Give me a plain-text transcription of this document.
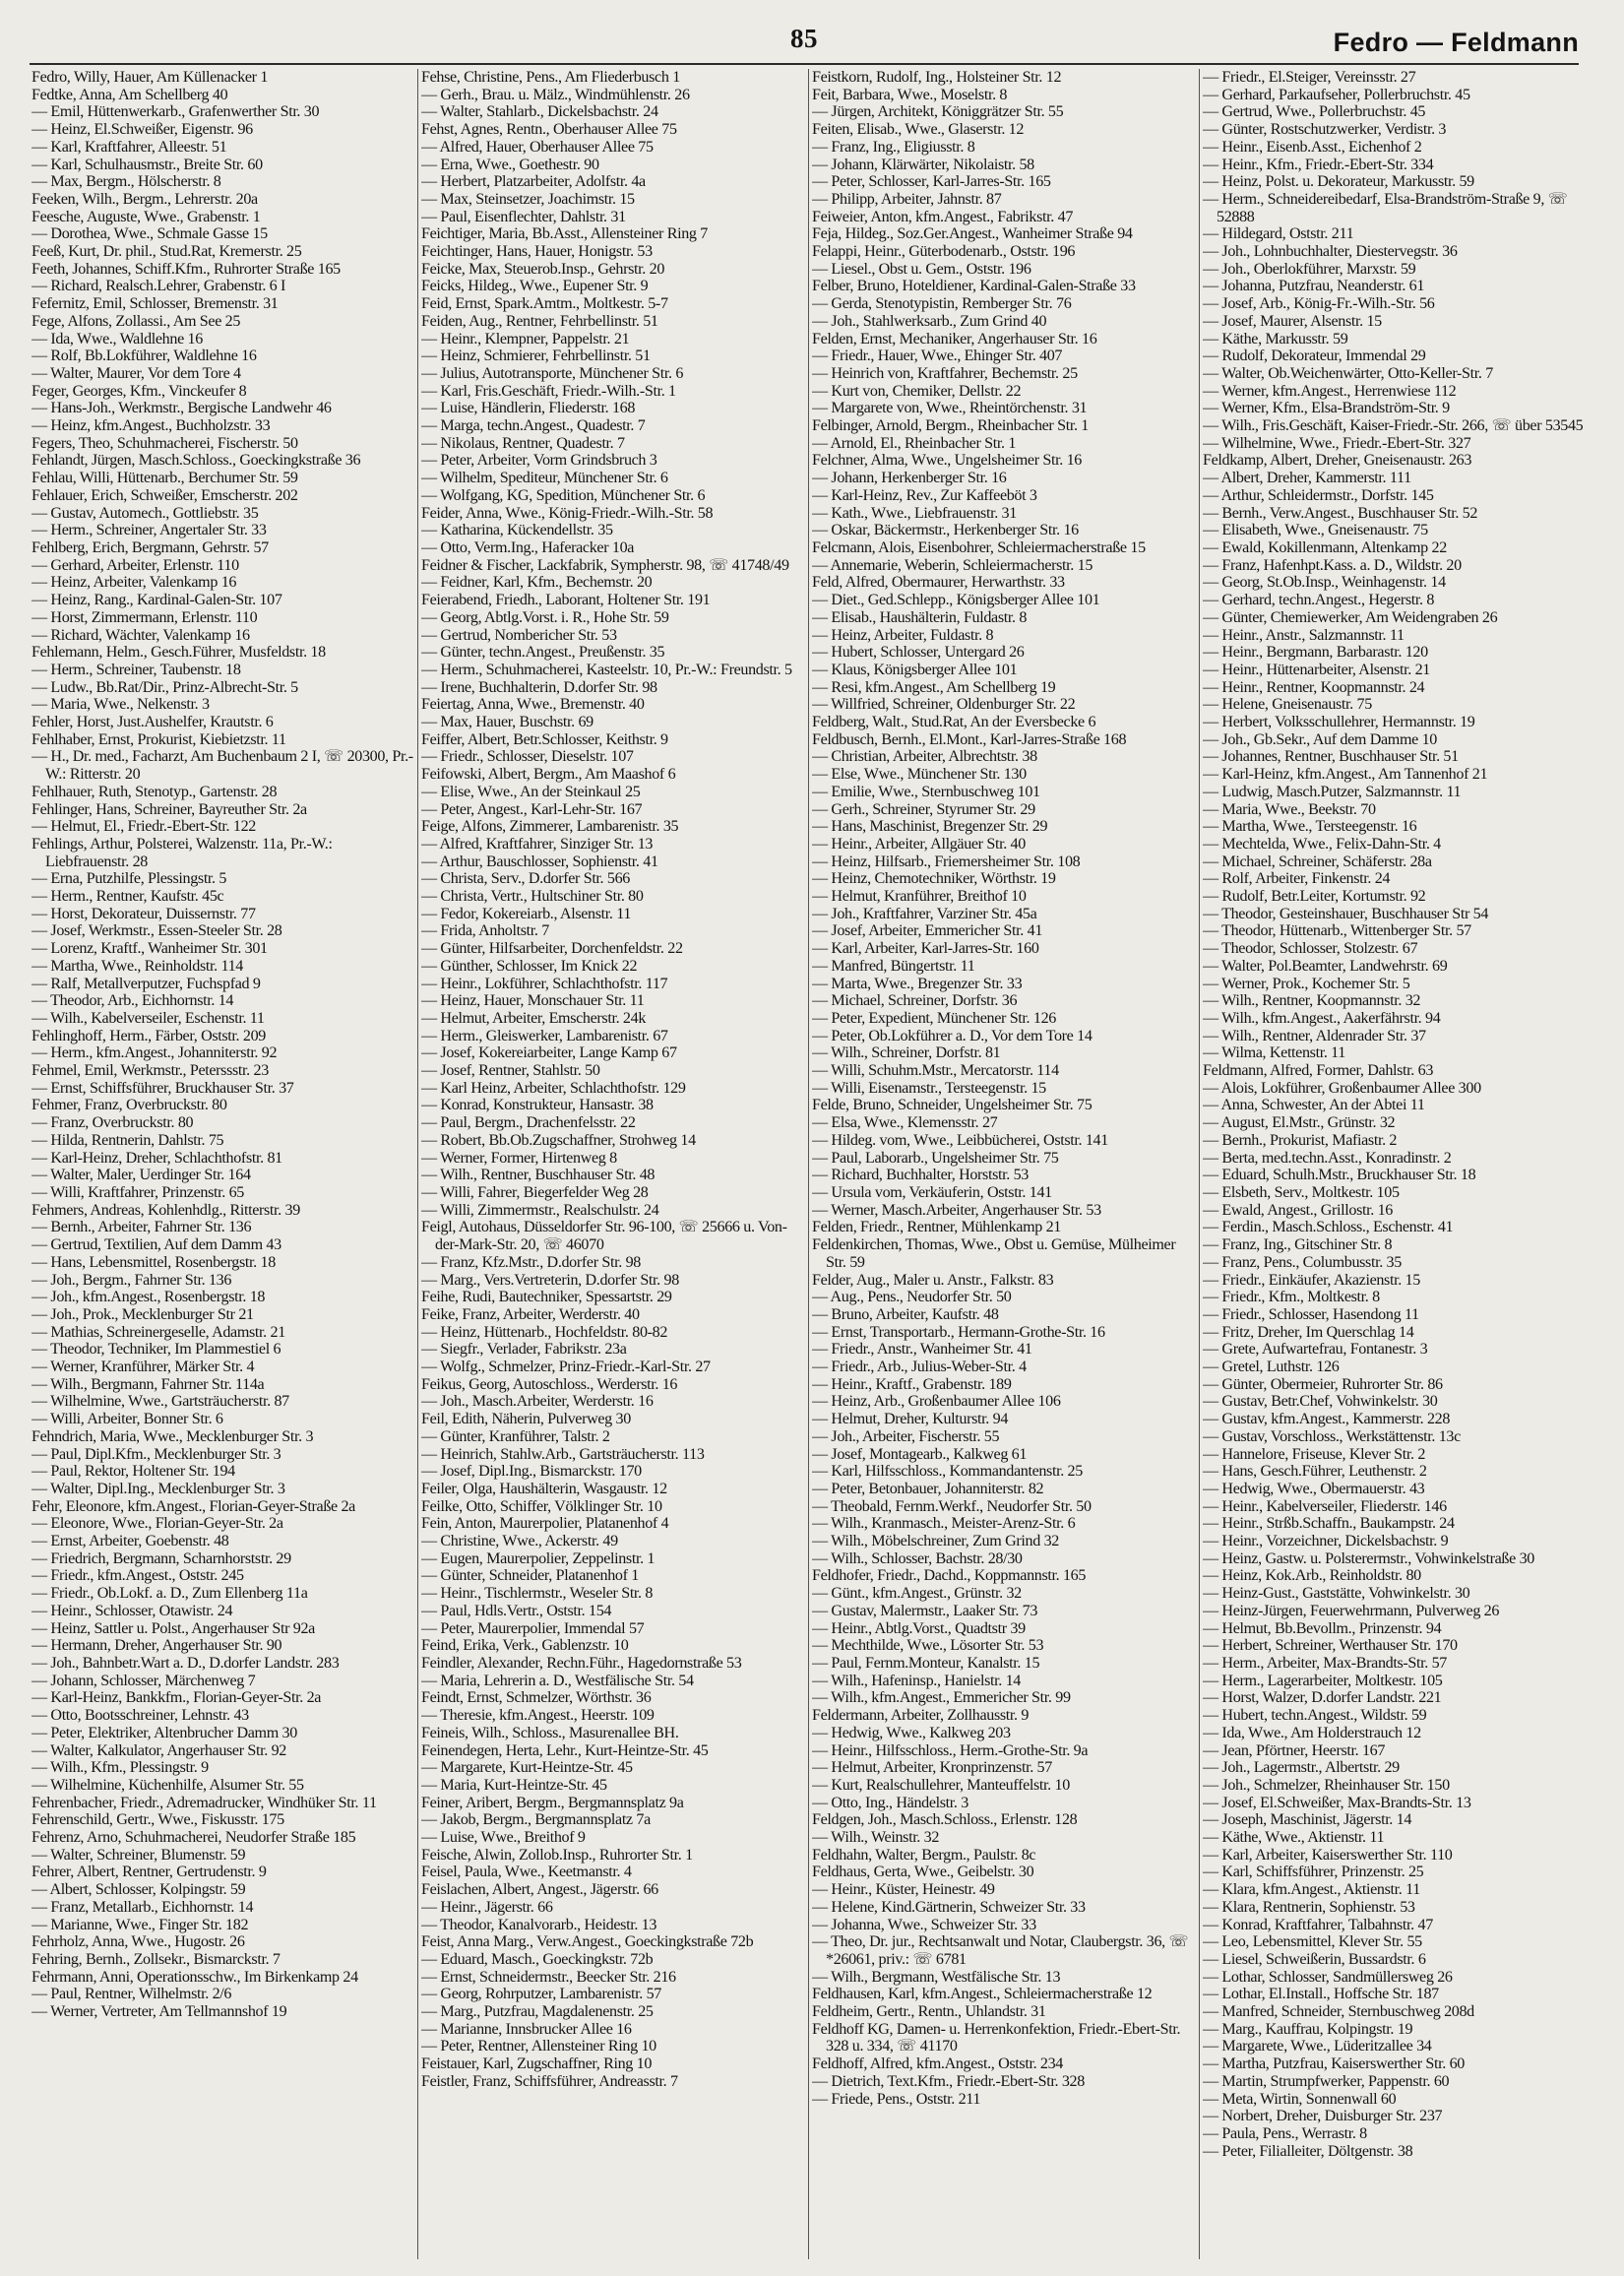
85	Fedro — Feldmann

Fedro, Willy, Hauer, Am Küllenacker 1

Fedtke, Anna, Am Schellberg 40

— Emil, Hüttenwerkarb., Grafenwerther Str. 30

— Heinz, El.Schweißer, Eigenstr. 96

— Karl, Kraftfahrer, Alleestr. 51

— Karl, Schulhausmstr., Breite Str. 60

— Max, Bergm., Hölscherstr. 8

Feeken, Wilh., Bergm., Lehrerstr. 20a

Feesche, Auguste, Wwe., Grabenstr. 1

— Dorothea, Wwe., Schmale Gasse 15

Feeß, Kurt, Dr. phil., Stud.Rat, Kremerstr. 25

Feeth, Johannes, Schiff.Kfm., Ruhrorter Straße 165

— Richard, Realsch.Lehrer, Grabenstr. 6 I

Fefernitz, Emil, Schlosser, Bremenstr. 31

Fege, Alfons, Zollassi., Am See 25

— Ida, Wwe., Waldlehne 16

— Rolf, Bb.Lokführer, Waldlehne 16

— Walter, Maurer, Vor dem Tore 4

Feger, Georges, Kfm., Vinckeufer 8

— Hans-Joh., Werkmstr., Bergische Landwehr 46

— Heinz, kfm.Angest., Buchholzstr. 33

Fegers, Theo, Schuhmacherei, Fischerstr. 50

Fehlandt, Jürgen, Masch.Schloss., Goeckingkstraße 36

Fehlau, Willi, Hüttenarb., Berchumer Str. 59

Fehlauer, Erich, Schweißer, Emscherstr. 202

— Gustav, Automech., Gottliebstr. 35

— Herm., Schreiner, Angertaler Str. 33

Fehlberg, Erich, Bergmann, Gehrstr. 57

— Gerhard, Arbeiter, Erlenstr. 110

— Heinz, Arbeiter, Valenkamp 16

— Heinz, Rang., Kardinal-Galen-Str. 107

— Horst, Zimmermann, Erlenstr. 110

— Richard, Wächter, Valenkamp 16

Fehlemann, Helm., Gesch.Führer, Musfeldstr. 18

— Herm., Schreiner, Taubenstr. 18

— Ludw., Bb.Rat/Dir., Prinz-Albrecht-Str. 5

— Maria, Wwe., Nelkenstr. 3

Fehler, Horst, Just.Aushelfer, Krautstr. 6

Fehlhaber, Ernst, Prokurist, Kiebietzstr. 11

— H., Dr. med., Facharzt, Am Buchenbaum 2 I, ☏ 20300, Pr.-W.: Ritterstr. 20

Fehlhauer, Ruth, Stenotyp., Gartenstr. 28

Fehlinger, Hans, Schreiner, Bayreuther Str. 2a

— Helmut, El., Friedr.-Ebert-Str. 122

Fehlings, Arthur, Polsterei, Walzenstr. 11a, Pr.-W.: Liebfrauenstr. 28

— Erna, Putzhilfe, Plessingstr. 5

— Herm., Rentner, Kaufstr. 45c

— Horst, Dekorateur, Duissernstr. 77

— Josef, Werkmstr., Essen-Steeler Str. 28

— Lorenz, Kraftf., Wanheimer Str. 301

— Martha, Wwe., Reinholdstr. 114

— Ralf, Metallverputzer, Fuchspfad 9

— Theodor, Arb., Eichhornstr. 14

— Wilh., Kabelverseiler, Eschenstr. 11

Fehlinghoff, Herm., Färber, Oststr. 209

— Herm., kfm.Angest., Johanniterstr. 92

Fehmel, Emil, Werkmstr., Peterssstr. 23

— Ernst, Schiffsführer, Bruckhauser Str. 37

Fehmer, Franz, Overbruckstr. 80

— Franz, Overbruckstr. 80

— Hilda, Rentnerin, Dahlstr. 75

— Karl-Heinz, Dreher, Schlachthofstr. 81

— Walter, Maler, Uerdinger Str. 164

— Willi, Kraftfahrer, Prinzenstr. 65

Fehmers, Andreas, Kohlenhdlg., Ritterstr. 39

— Bernh., Arbeiter, Fahrner Str. 136

— Gertrud, Textilien, Auf dem Damm 43

— Hans, Lebensmittel, Rosenbergstr. 18

— Joh., Bergm., Fahrner Str. 136

— Joh., kfm.Angest., Rosenbergstr. 18

— Joh., Prok., Mecklenburger Str 21

— Mathias, Schreinergeselle, Adamstr. 21

— Theodor, Techniker, Im Plammestiel 6

— Werner, Kranführer, Märker Str. 4

— Wilh., Bergmann, Fahrner Str. 114a

— Wilhelmine, Wwe., Gartsträucherstr. 87

— Willi, Arbeiter, Bonner Str. 6

Fehndrich, Maria, Wwe., Mecklenburger Str. 3

— Paul, Dipl.Kfm., Mecklenburger Str. 3

— Paul, Rektor, Holtener Str. 194

— Walter, Dipl.Ing., Mecklenburger Str. 3

Fehr, Eleonore, kfm.Angest., Florian-Geyer-Straße 2a

— Eleonore, Wwe., Florian-Geyer-Str. 2a

— Ernst, Arbeiter, Goebenstr. 48

— Friedrich, Bergmann, Scharnhorststr. 29

— Friedr., kfm.Angest., Oststr. 245

— Friedr., Ob.Lokf. a. D., Zum Ellenberg 11a

— Heinr., Schlosser, Otawistr. 24

— Heinz, Sattler u. Polst., Angerhauser Str 92a

— Hermann, Dreher, Angerhauser Str. 90

— Joh., Bahnbetr.Wart a. D., D.dorfer Landstr. 283

— Johann, Schlosser, Märchenweg 7

— Karl-Heinz, Bankkfm., Florian-Geyer-Str. 2a

— Otto, Bootsschreiner, Lehnstr. 43

— Peter, Elektriker, Altenbrucher Damm 30

— Walter, Kalkulator, Angerhauser Str. 92

— Wilh., Kfm., Plessingstr. 9

— Wilhelmine, Küchenhilfe, Alsumer Str. 55

Fehrenbacher, Friedr., Adremadrucker, Windhüker Str. 11

Fehrenschild, Gertr., Wwe., Fiskusstr. 175

Fehrenz, Arno, Schuhmacherei, Neudorfer Straße 185

— Walter, Schreiner, Blumenstr. 59

Fehrer, Albert, Rentner, Gertrudenstr. 9

— Albert, Schlosser, Kolpingstr. 59

— Franz, Metallarb., Eichhornstr. 14

— Marianne, Wwe., Finger Str. 182

Fehrholz, Anna, Wwe., Hugostr. 26

Fehring, Bernh., Zollsekr., Bismarckstr. 7

Fehrmann, Anni, Operationsschw., Im Birkenkamp 24

— Paul, Rentner, Wilhelmstr. 2/6

— Werner, Vertreter, Am Tellmannshof 19

Fehse, Christine, Pens., Am Fliederbusch 1

— Gerh., Brau. u. Mälz., Windmühlenstr. 26

— Walter, Stahlarb., Dickelsbachstr. 24

Fehst, Agnes, Rentn., Oberhauser Allee 75

— Alfred, Hauer, Oberhauser Allee 75

— Erna, Wwe., Goethestr. 90

— Herbert, Platzarbeiter, Adolfstr. 4a

— Max, Steinsetzer, Joachimstr. 15

— Paul, Eisenflechter, Dahlstr. 31

Feichtiger, Maria, Bb.Asst., Allensteiner Ring 7

Feichtinger, Hans, Hauer, Honigstr. 53

Feicke, Max, Steuerob.Insp., Gehrstr. 20

Feicks, Hildeg., Wwe., Eupener Str. 9

Feid, Ernst, Spark.Amtm., Moltkestr. 5-7

Feiden, Aug., Rentner, Fehrbellinstr. 51

— Heinr., Klempner, Pappelstr. 21

— Heinz, Schmierer, Fehrbellinstr. 51

— Julius, Autotransporte, Münchener Str. 6

— Karl, Fris.Geschäft, Friedr.-Wilh.-Str. 1

— Luise, Händlerin, Fliederstr. 168

— Marga, techn.Angest., Quadestr. 7

— Nikolaus, Rentner, Quadestr. 7

— Peter, Arbeiter, Vorm Grindsbruch 3

— Wilhelm, Spediteur, Münchener Str. 6

— Wolfgang, KG, Spedition, Münchener Str. 6

Feider, Anna, Wwe., König-Friedr.-Wilh.-Str. 58

— Katharina, Kückendellstr. 35

— Otto, Verm.Ing., Haferacker 10a

Feidner & Fischer, Lackfabrik, Sympherstr. 98, ☏ 41748/49

— Feidner, Karl, Kfm., Bechemstr. 20

Feierabend, Friedh., Laborant, Holtener Str. 191

— Georg, Abtlg.Vorst. i. R., Hohe Str. 59

— Gertrud, Nombericher Str. 53

— Günter, techn.Angest., Preußenstr. 35

— Herm., Schuhmacherei, Kasteelstr. 10, Pr.-W.: Freundstr. 5

— Irene, Buchhalterin, D.dorfer Str. 98

Feiertag, Anna, Wwe., Bremenstr. 40

— Max, Hauer, Buschstr. 69

Feiffer, Albert, Betr.Schlosser, Keithstr. 9

— Friedr., Schlosser, Dieselstr. 107

Feifowski, Albert, Bergm., Am Maashof 6

— Elise, Wwe., An der Steinkaul 25

— Peter, Angest., Karl-Lehr-Str. 167

Feige, Alfons, Zimmerer, Lambarenistr. 35

— Alfred, Kraftfahrer, Sinziger Str. 13

— Arthur, Bauschlosser, Sophienstr. 41

— Christa, Serv., D.dorfer Str. 566

— Christa, Vertr., Hultschiner Str. 80

— Fedor, Kokereiarb., Alsenstr. 11

— Frida, Anholtstr. 7

— Günter, Hilfsarbeiter, Dorchenfeldstr. 22

— Günther, Schlosser, Im Knick 22

— Heinr., Lokführer, Schlachthofstr. 117

— Heinz, Hauer, Monschauer Str. 11

— Helmut, Arbeiter, Emscherstr. 24k

— Herm., Gleiswerker, Lambarenistr. 67

— Josef, Kokereiarbeiter, Lange Kamp 67

— Josef, Rentner, Stahlstr. 50

— Karl Heinz, Arbeiter, Schlachthofstr. 129

— Konrad, Konstrukteur, Hansastr. 38

— Paul, Bergm., Drachenfelsstr. 22

— Robert, Bb.Ob.Zugschaffner, Strohweg 14

— Werner, Former, Hirtenweg 8

— Wilh., Rentner, Buschhauser Str. 48

— Willi, Fahrer, Biegerfelder Weg 28

— Willi, Zimmermstr., Realschulstr. 24

Feigl, Autohaus, Düsseldorfer Str. 96-100, ☏ 25666 u. Von-der-Mark-Str. 20, ☏ 46070

— Franz, Kfz.Mstr., D.dorfer Str. 98

— Marg., Vers.Vertreterin, D.dorfer Str. 98

Feihe, Rudi, Bautechniker, Spessartstr. 29

Feike, Franz, Arbeiter, Werderstr. 40

— Heinz, Hüttenarb., Hochfeldstr. 80-82

— Siegfr., Verlader, Fabrikstr. 23a

— Wolfg., Schmelzer, Prinz-Friedr.-Karl-Str. 27

Feikus, Georg, Autoschloss., Werderstr. 16

— Joh., Masch.Arbeiter, Werderstr. 16

Feil, Edith, Näherin, Pulverweg 30

— Günter, Kranführer, Talstr. 2

— Heinrich, Stahlw.Arb., Gartsträucherstr. 113

— Josef, Dipl.Ing., Bismarckstr. 170

Feiler, Olga, Haushälterin, Wasgaustr. 12

Feilke, Otto, Schiffer, Völklinger Str. 10

Fein, Anton, Maurerpolier, Platanenhof 4

— Christine, Wwe., Ackerstr. 49

— Eugen, Maurerpolier, Zeppelinstr. 1

— Günter, Schneider, Platanenhof 1

— Heinr., Tischlermstr., Weseler Str. 8

— Paul, Hdls.Vertr., Oststr. 154

— Peter, Maurerpolier, Immendal 57

Feind, Erika, Verk., Gablenzstr. 10

Feindler, Alexander, Rechn.Führ., Hagedornstraße 53

— Maria, Lehrerin a. D., Westfälische Str. 54

Feindt, Ernst, Schmelzer, Wörthstr. 36

— Theresie, kfm.Angest., Heerstr. 109

Feineis, Wilh., Schloss., Masurenallee BH.

Feinendegen, Herta, Lehr., Kurt-Heintze-Str. 45

— Margarete, Kurt-Heintze-Str. 45

— Maria, Kurt-Heintze-Str. 45

Feiner, Aribert, Bergm., Bergmannsplatz 9a

— Jakob, Bergm., Bergmannsplatz 7a

— Luise, Wwe., Breithof 9

Feische, Alwin, Zollob.Insp., Ruhrorter Str. 1

Feisel, Paula, Wwe., Keetmanstr. 4

Feislachen, Albert, Angest., Jägerstr. 66

— Heinr., Jägerstr. 66

— Theodor, Kanalvorarb., Heidestr. 13

Feist, Anna Marg., Verw.Angest., Goeckingkstraße 72b

— Eduard, Masch., Goeckingkstr. 72b

— Ernst, Schneidermstr., Beecker Str. 216

— Georg, Rohrputzer, Lambarenistr. 57

— Marg., Putzfrau, Magdalenenstr. 25

— Marianne, Innsbrucker Allee 16

— Peter, Rentner, Allensteiner Ring 10

Feistauer, Karl, Zugschaffner, Ring 10

Feistler, Franz, Schiffsführer, Andreasstr. 7

Feistkorn, Rudolf, Ing., Holsteiner Str. 12

Feit, Barbara, Wwe., Moselstr. 8

— Jürgen, Architekt, Königgrätzer Str. 55

Feiten, Elisab., Wwe., Glaserstr. 12

— Franz, Ing., Eligiusstr. 8

— Johann, Klärwärter, Nikolaistr. 58

— Peter, Schlosser, Karl-Jarres-Str. 165

— Philipp, Arbeiter, Jahnstr. 87

Feiweier, Anton, kfm.Angest., Fabrikstr. 47

Feja, Hildeg., Soz.Ger.Angest., Wanheimer Straße 94

Felappi, Heinr., Güterbodenarb., Oststr. 196

— Liesel., Obst u. Gem., Oststr. 196

Felber, Bruno, Hoteldiener, Kardinal-Galen-Straße 33

— Gerda, Stenotypistin, Remberger Str. 76

— Joh., Stahlwerksarb., Zum Grind 40

Felden, Ernst, Mechaniker, Angerhauser Str. 16

— Friedr., Hauer, Wwe., Ehinger Str. 407

— Heinrich von, Kraftfahrer, Bechemstr. 25

— Kurt von, Chemiker, Dellstr. 22

— Margarete von, Wwe., Rheintörchenstr. 31

Felbinger, Arnold, Bergm., Rheinbacher Str. 1

— Arnold, El., Rheinbacher Str. 1

Felchner, Alma, Wwe., Ungelsheimer Str. 16

— Johann, Herkenberger Str. 16

— Karl-Heinz, Rev., Zur Kaffeeböt 3

— Kath., Wwe., Liebfrauenstr. 31

— Oskar, Bäckermstr., Herkenberger Str. 16

Felcmann, Alois, Eisenbohrer, Schleiermacherstraße 15

— Annemarie, Weberin, Schleiermacherstr. 15

Feld, Alfred, Obermaurer, Herwarthstr. 33

— Diet., Ged.Schlepp., Königsberger Allee 101

— Elisab., Haushälterin, Fuldastr. 8

— Heinz, Arbeiter, Fuldastr. 8

— Hubert, Schlosser, Untergard 26

— Klaus, Königsberger Allee 101

— Resi, kfm.Angest., Am Schellberg 19

— Willfried, Schreiner, Oldenburger Str. 22

Feldberg, Walt., Stud.Rat, An der Eversbecke 6

Feldbusch, Bernh., El.Mont., Karl-Jarres-Straße 168

— Christian, Arbeiter, Albrechtstr. 38

— Else, Wwe., Münchener Str. 130

— Emilie, Wwe., Sternbuschweg 101

— Gerh., Schreiner, Styrumer Str. 29

— Hans, Maschinist, Bregenzer Str. 29

— Heinr., Arbeiter, Allgäuer Str. 40

— Heinz, Hilfsarb., Friemersheimer Str. 108

— Heinz, Chemotechniker, Wörthstr. 19

— Helmut, Kranführer, Breithof 10

— Joh., Kraftfahrer, Varziner Str. 45a

— Josef, Arbeiter, Emmericher Str. 41

— Karl, Arbeiter, Karl-Jarres-Str. 160

— Manfred, Büngertstr. 11

— Marta, Wwe., Bregenzer Str. 33

— Michael, Schreiner, Dorfstr. 36

— Peter, Expedient, Münchener Str. 126

— Peter, Ob.Lokführer a. D., Vor dem Tore 14

— Wilh., Schreiner, Dorfstr. 81

— Willi, Schuhm.Mstr., Mercatorstr. 114

— Willi, Eisenamstr., Tersteegenstr. 15

Felde, Bruno, Schneider, Ungelsheimer Str. 75

— Elsa, Wwe., Klemensstr. 27

— Hildeg. vom, Wwe., Leibbücherei, Oststr. 141

— Paul, Laborarb., Ungelsheimer Str. 75

— Richard, Buchhalter, Horststr. 53

— Ursula vom, Verkäuferin, Oststr. 141

— Werner, Masch.Arbeiter, Angerhauser Str. 53

Felden, Friedr., Rentner, Mühlenkamp 21

Feldenkirchen, Thomas, Wwe., Obst u. Gemüse, Mülheimer Str. 59

Felder, Aug., Maler u. Anstr., Falkstr. 83

— Aug., Pens., Neudorfer Str. 50

— Bruno, Arbeiter, Kaufstr. 48

— Ernst, Transportarb., Hermann-Grothe-Str. 16

— Friedr., Anstr., Wanheimer Str. 41

— Friedr., Arb., Julius-Weber-Str. 4

— Heinr., Kraftf., Grabenstr. 189

— Heinz, Arb., Großenbaumer Allee 106

— Helmut, Dreher, Kulturstr. 94

— Joh., Arbeiter, Fischerstr. 55

— Josef, Montagearb., Kalkweg 61

— Karl, Hilfsschloss., Kommandantenstr. 25

— Peter, Betonbauer, Johanniterstr. 82

— Theobald, Fernm.Werkf., Neudorfer Str. 50

— Wilh., Kranmasch., Meister-Arenz-Str. 6

— Wilh., Möbelschreiner, Zum Grind 32

— Wilh., Schlosser, Bachstr. 28/30

Feldhofer, Friedr., Dachd., Koppmannstr. 165

— Günt., kfm.Angest., Grünstr. 32

— Gustav, Malermstr., Laaker Str. 73

— Heinr., Abtlg.Vorst., Quadtstr 39

— Mechthilde, Wwe., Lösorter Str. 53

— Paul, Fernm.Monteur, Kanalstr. 15

— Wilh., Hafeninsp., Hanielstr. 14

— Wilh., kfm.Angest., Emmericher Str. 99

Feldermann, Arbeiter, Zollhausstr. 9

— Hedwig, Wwe., Kalkweg 203

— Heinr., Hilfsschloss., Herm.-Grothe-Str. 9a

— Helmut, Arbeiter, Kronprinzenstr. 57

— Kurt, Realschullehrer, Manteuffelstr. 10

— Otto, Ing., Händelstr. 3

Feldgen, Joh., Masch.Schloss., Erlenstr. 128

— Wilh., Weinstr. 32

Feldhahn, Walter, Bergm., Paulstr. 8c

Feldhaus, Gerta, Wwe., Geibelstr. 30

— Heinr., Küster, Heinestr. 49

— Helene, Kind.Gärtnerin, Schweizer Str. 33

— Johanna, Wwe., Schweizer Str. 33

— Theo, Dr. jur., Rechtsanwalt und Notar, Claubergstr. 36, ☏ *26061, priv.: ☏ 6781

— Wilh., Bergmann, Westfälische Str. 13

Feldhausen, Karl, kfm.Angest., Schleiermacherstraße 12

Feldheim, Gertr., Rentn., Uhlandstr. 31

Feldhoff KG, Damen- u. Herrenkonfektion, Friedr.-Ebert-Str. 328 u. 334, ☏ 41170

Feldhoff, Alfred, kfm.Angest., Oststr. 234

— Dietrich, Text.Kfm., Friedr.-Ebert-Str. 328

— Friede, Pens., Oststr. 211

— Friedr., El.Steiger, Vereinsstr. 27

— Gerhard, Parkaufseher, Pollerbruchstr. 45

— Gertrud, Wwe., Pollerbruchstr. 45

— Günter, Rostschutzwerker, Verdistr. 3

— Heinr., Eisenb.Asst., Eichenhof 2

— Heinr., Kfm., Friedr.-Ebert-Str. 334

— Heinz, Polst. u. Dekorateur, Markusstr. 59

— Herm., Schneidereibedarf, Elsa-Brandström-Straße 9, ☏ 52888

— Hildegard, Oststr. 211

— Joh., Lohnbuchhalter, Diestervegstr. 36

— Joh., Oberlokführer, Marxstr. 59

— Johanna, Putzfrau, Neanderstr. 61

— Josef, Arb., König-Fr.-Wilh.-Str. 56

— Josef, Maurer, Alsenstr. 15

— Käthe, Markusstr. 59

— Rudolf, Dekorateur, Immendal 29

— Walter, Ob.Weichenwärter, Otto-Keller-Str. 7

— Werner, kfm.Angest., Herrenwiese 112

— Werner, Kfm., Elsa-Brandström-Str. 9

— Wilh., Fris.Geschäft, Kaiser-Friedr.-Str. 266, ☏ über 53545

— Wilhelmine, Wwe., Friedr.-Ebert-Str. 327

Feldkamp, Albert, Dreher, Gneisenaustr. 263

— Albert, Dreher, Kammerstr. 111

— Arthur, Schleidermstr., Dorfstr. 145

— Bernh., Verw.Angest., Buschhauser Str. 52

— Elisabeth, Wwe., Gneisenaustr. 75

— Ewald, Kokillenmann, Altenkamp 22

— Franz, Hafenhpt.Kass. a. D., Wildstr. 20

— Georg, St.Ob.Insp., Weinhagenstr. 14

— Gerhard, techn.Angest., Hegerstr. 8

— Günter, Chemiewerker, Am Weidengraben 26

— Heinr., Anstr., Salzmannstr. 11

— Heinr., Bergmann, Barbarastr. 120

— Heinr., Hüttenarbeiter, Alsenstr. 21

— Heinr., Rentner, Koopmannstr. 24

— Helene, Gneisenaustr. 75

— Herbert, Volksschullehrer, Hermannstr. 19

— Joh., Gb.Sekr., Auf dem Damme 10

— Johannes, Rentner, Buschhauser Str. 51

— Karl-Heinz, kfm.Angest., Am Tannenhof 21

— Ludwig, Masch.Putzer, Salzmannstr. 11

— Maria, Wwe., Beekstr. 70

— Martha, Wwe., Tersteegenstr. 16

— Mechtelda, Wwe., Felix-Dahn-Str. 4

— Michael, Schreiner, Schäferstr. 28a

— Rolf, Arbeiter, Finkenstr. 24

— Rudolf, Betr.Leiter, Kortumstr. 92

— Theodor, Gesteinshauer, Buschhauser Str 54

— Theodor, Hüttenarb., Wittenberger Str. 57

— Theodor, Schlosser, Stolzestr. 67

— Walter, Pol.Beamter, Landwehrstr. 69

— Werner, Prok., Kochemer Str. 5

— Wilh., Rentner, Koopmannstr. 32

— Wilh., kfm.Angest., Aakerfährstr. 94

— Wilh., Rentner, Aldenrader Str. 37

— Wilma, Kettenstr. 11

Feldmann, Alfred, Former, Dahlstr. 63

— Alois, Lokführer, Großenbaumer Allee 300

— Anna, Schwester, An der Abtei 11

— August, El.Mstr., Grünstr. 32

— Bernh., Prokurist, Mafiastr. 2

— Berta, med.techn.Asst., Konradinstr. 2

— Eduard, Schulh.Mstr., Bruckhauser Str. 18

— Elsbeth, Serv., Moltkestr. 105

— Ewald, Angest., Grillostr. 16

— Ferdin., Masch.Schloss., Eschenstr. 41

— Franz, Ing., Gitschiner Str. 8

— Franz, Pens., Columbusstr. 35

— Friedr., Einkäufer, Akazienstr. 15

— Friedr., Kfm., Moltkestr. 8

— Friedr., Schlosser, Hasendong 11

— Fritz, Dreher, Im Querschlag 14

— Grete, Aufwartefrau, Fontanestr. 3

— Gretel, Luthstr. 126

— Günter, Obermeier, Ruhrorter Str. 86

— Gustav, Betr.Chef, Vohwinkelstr. 30

— Gustav, kfm.Angest., Kammerstr. 228

— Gustav, Vorschloss., Werkstättenstr. 13c

— Hannelore, Friseuse, Klever Str. 2

— Hans, Gesch.Führer, Leuthenstr. 2

— Hedwig, Wwe., Obermauerstr. 43

— Heinr., Kabelverseiler, Fliederstr. 146

— Heinr., Strßb.Schaffn., Baukampstr. 24

— Heinr., Vorzeichner, Dickelsbachstr. 9

— Heinz, Gastw. u. Polsterermstr., Vohwinkelstraße 30

— Heinz, Kok.Arb., Reinholdstr. 80

— Heinz-Gust., Gaststätte, Vohwinkelstr. 30

— Heinz-Jürgen, Feuerwehrmann, Pulverweg 26

— Helmut, Bb.Bevollm., Prinzenstr. 94

— Herbert, Schreiner, Werthauser Str. 170

— Herm., Arbeiter, Max-Brandts-Str. 57

— Herm., Lagerarbeiter, Moltkestr. 105

— Horst, Walzer, D.dorfer Landstr. 221

— Hubert, techn.Angest., Wildstr. 59

— Ida, Wwe., Am Holderstrauch 12

— Jean, Pförtner, Heerstr. 167

— Joh., Lagermstr., Albertstr. 29

— Joh., Schmelzer, Rheinhauser Str. 150

— Josef, El.Schweißer, Max-Brandts-Str. 13

— Joseph, Maschinist, Jägerstr. 14

— Käthe, Wwe., Aktienstr. 11

— Karl, Arbeiter, Kaiserswerther Str. 110

— Karl, Schiffsführer, Prinzenstr. 25

— Klara, kfm.Angest., Aktienstr. 11

— Klara, Rentnerin, Sophienstr. 53

— Konrad, Kraftfahrer, Talbahnstr. 47

— Leo, Lebensmittel, Klever Str. 55

— Liesel, Schweißerin, Bussardstr. 6

— Lothar, Schlosser, Sandmüllersweg 26

— Lothar, El.Install., Hoffsche Str. 187

— Manfred, Schneider, Sternbuschweg 208d

— Marg., Kauffrau, Kolpingstr. 19

— Margarete, Wwe., Lüderitzallee 34

— Martha, Putzfrau, Kaiserswerther Str. 60

— Martin, Strumpfwerker, Pappenstr. 60

— Meta, Wirtin, Sonnenwall 60

— Norbert, Dreher, Duisburger Str. 237

— Paula, Pens., Werrastr. 8

— Peter, Filialleiter, Döltgenstr. 38
